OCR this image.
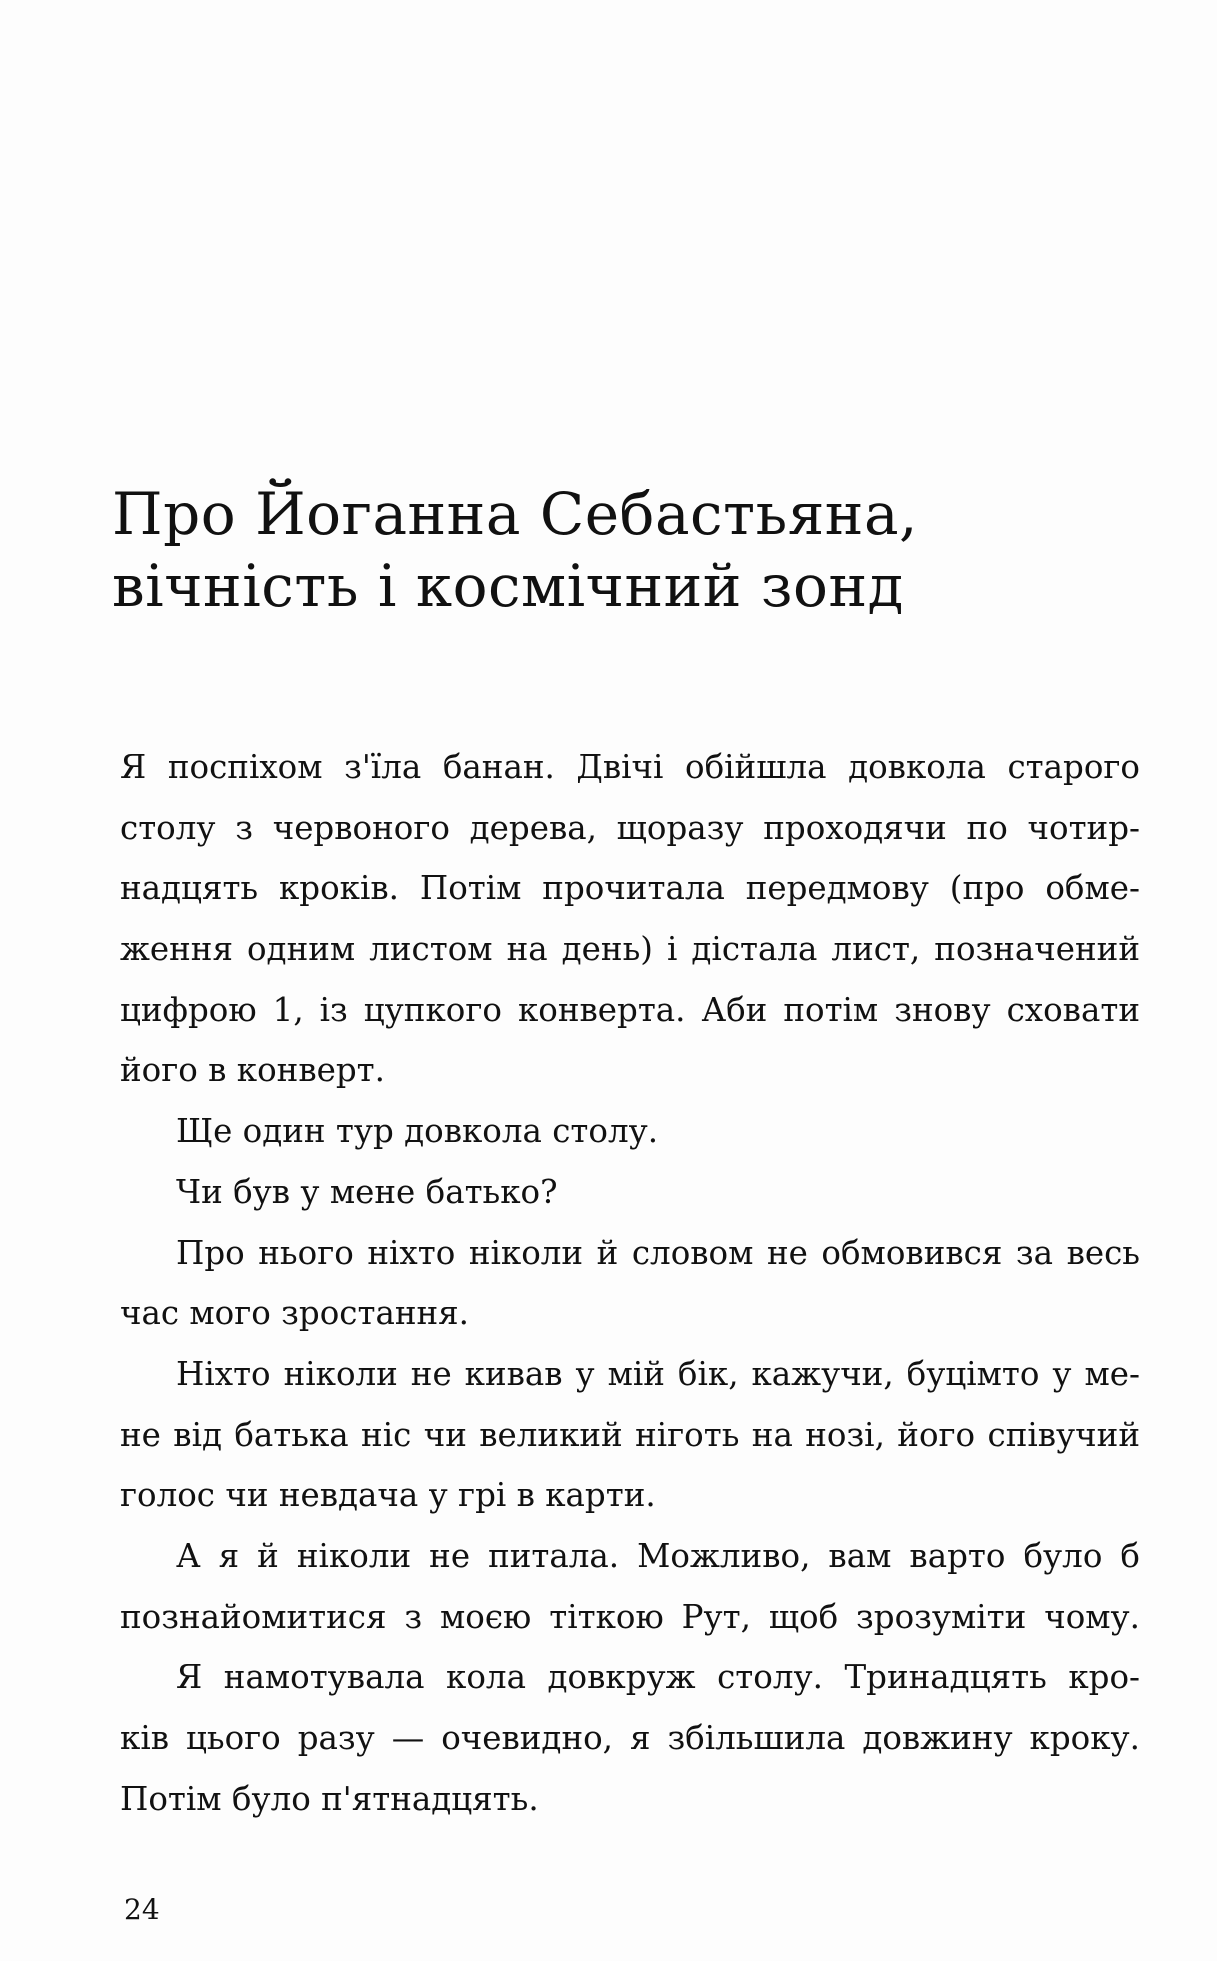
Про Йоганна Себастьяна,
вічність і космічний зонд
Я поспіхом з'їла банан. Двічі обійшла довкола старого
столу з червоного дерева, щоразу проходячи по чотир-
надцять кроків. Потім прочитала передмову (про обме-
ження одним листом на день) і дістала лист, позначений
цифрою 1, із цупкого конверта. Аби потім знову сховати
його в конверт.
Ще один тур довкола столу.
Чи був у мене батько?
Про нього ніхто ніколи й словом не обмовився за весь
час мого зростання.
Ніхто ніколи не кивав у мій бік, кажучи, буцімто у ме-
не від батька ніс чи великий ніготь на нозі, його співучий
голос чи невдача у грі в карти.
А я й ніколи не питала. Можливо, вам варто було б
познайомитися з моєю тіткою Рут, щоб зрозуміти чому.
Я намотувала кола довкруж столу. Тринадцять кро-
ків цього разу — очевидно, я збільшила довжину кроку.
Потім було п'ятнадцять.
24
